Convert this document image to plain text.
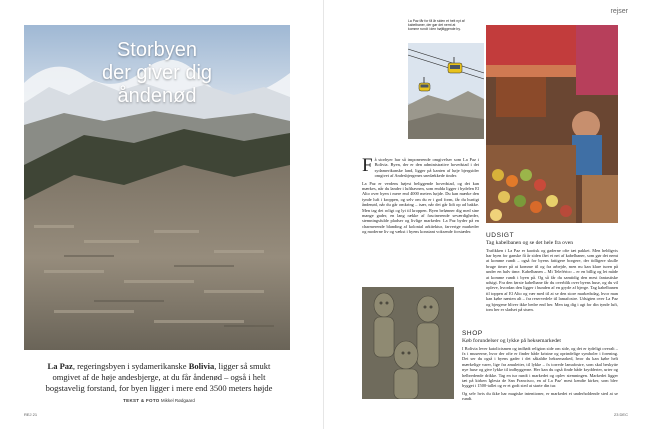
Storbyen
der giver dig
åndenød
La Paz, regeringsbyen i sydamerikanske Bolivia, ligger så smukt omgivet af de høje andesbjerge, at du får åndenød – også i helt bogstavelig forstand, for byen ligger i mere end 3500 meters højde
TEKST & FOTO Mikkel Rødgaard
REJ 21
rejser
La Paz får for få år siden et helt nyt af kabelbaner, der gør det nemt at komme rundt i den højtliggende by.
F å storbyer har så imponerende omgivelser som La Paz i Bolivia. Byen, der er den administrative hovedstad i det sydamerikanske land, ligger på kanten af høje bjergsider omgivet af Andesbjergenes snedækkede tinder.

La Paz er verdens højest beliggende hovedstad, og det kan mærkes, når du lander i lufthavnen, som endda ligger i bydelen El Alto over byen i mere end 4000 meters højde. Du kan mærke den tynde luft i kroppen, og selv om du er i god form, får du hurtigt åndenød, når du går omkring – især, når det går lidt op ad bakke. Men tag det roligt og lyt til kroppen. Byen belønner dig med sine mange gader, en lang række af fascinerende seværdigheder, stemningsfulde pladser og livlige markeder. La Paz byder på en charmerende blanding af kolonial arkitektur, farverige markeder og moderne liv og vækst i byens konstant voksende forstæder.

UDSIGT
Tag kabelbanen og se det hele fra oven

Trafikken i La Paz er kaotisk og gaderne ofte tæt pakket. Men heldigvis har byen for ganske få år siden fået et net af kabelbaner, som gør det nemt at komme rundt – også for byens fattigere borgere, der tidligere skulle bruge timer på at komme til og fra arbejde, men nu kan klare turen på under en halv time. Kabelbanen – Mi Teleférico – er en billig og let måde at komme rundt i byen på. Og så får du samtidig den mest fantastiske udsigt. Fra den første kabelbane får du overblik over byens huse, og du vil opleve, hvordan den ligger i bunden af en gryde af bjerge. Tag kabelbanen til toppen af El Alto og vær med til at se den store markedsdag, hvor man kan købe næsten alt – fra reservedele til lamafostre. Udsigten over La Paz og bjergene bliver ikke bedre end her. Men tag dig i agt for din tynde luft, tom her er sladset på stuen.

SHOP
Køb forundelser og lykke på heksemarkedet

I Bolivia lever katolicismen og indfødt religion side om side, og det er tydeligt overalt – fx i museerne, hvor der ofte er finder både kristne og oprindelige symboler i forening. Det ser du også i byens gader i det såkaldte heksemarked, hvor du kan købe helt mærkelige varer, lige fra amuletter, til lykke – fx torrede lamafostre, som skal beskytte nye huse og give lykke til indbyggerne. Her kan du også finde både krydderier, urter og helbredende drikke. Tag en tur rundt i markedet og oplev stemningen. Markedet ligger tæt på kirken Iglesia de San Francisco, en af La Paz’ mest kendte kirker, som blev bygget i 1500-tallet og er et godt sted at starte din tur.

Og selv hvis du ikke har magiske intentioner, er markedet et underholdende sted at se rundt.

23 DEC
